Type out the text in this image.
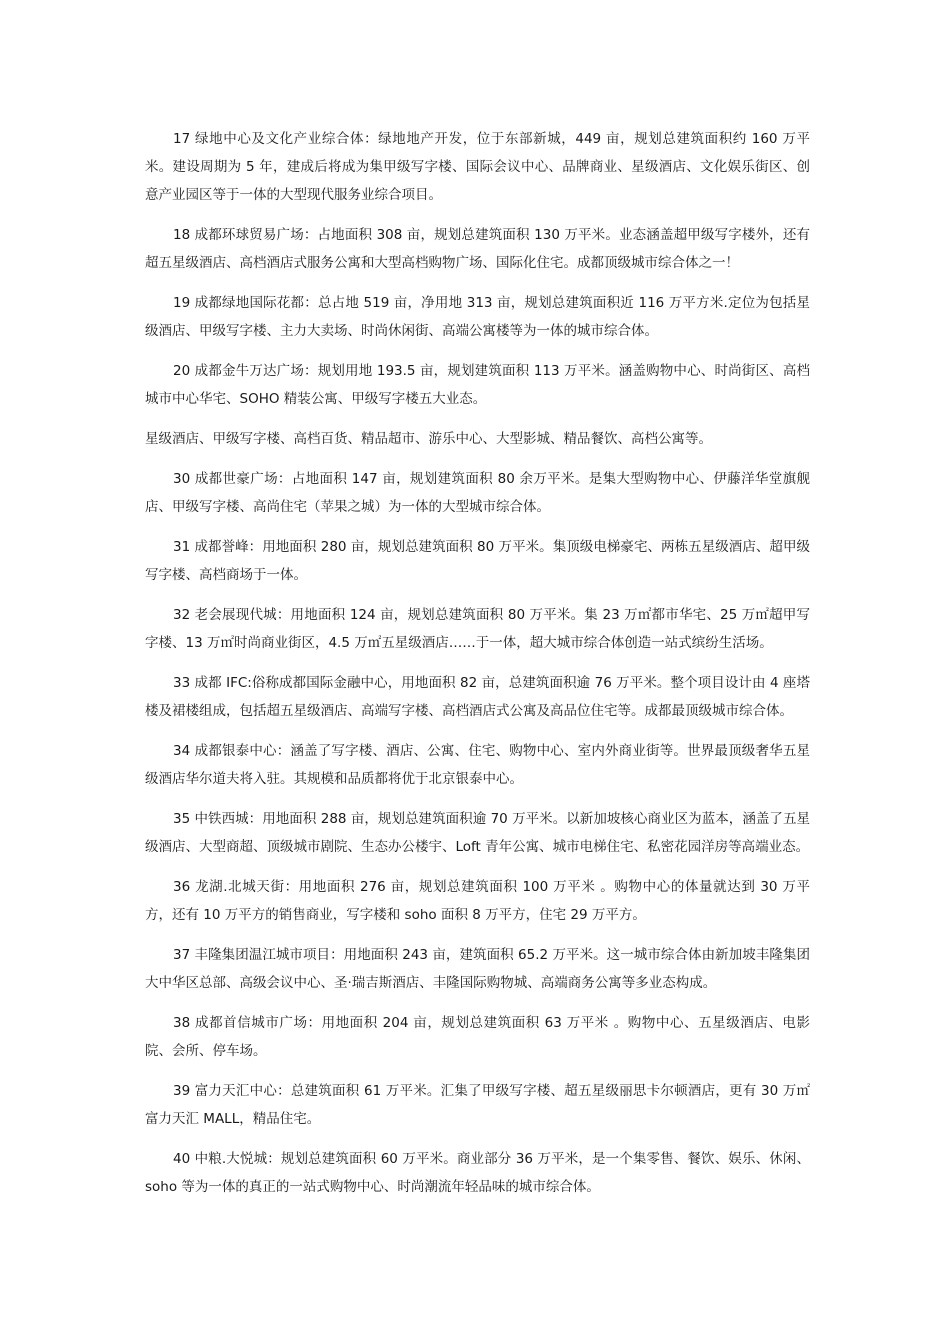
17 绿地中心及文化产业综合体：绿地地产开发，位于东部新城，449 亩，规划总建筑面积约 160 万平米。建设周期为 5 年，建成后将成为集甲级写字楼、国际会议中心、品牌商业、星级酒店、文化娱乐街区、创意产业园区等于一体的大型现代服务业综合项目。

18 成都环球贸易广场：占地面积 308 亩，规划总建筑面积 130 万平米。业态涵盖超甲级写字楼外，还有超五星级酒店、高档酒店式服务公寓和大型高档购物广场、国际化住宅。成都顶级城市综合体之一！

19 成都绿地国际花都：总占地 519 亩，净用地 313 亩，规划总建筑面积近 116 万平方米.定位为包括星级酒店、甲级写字楼、主力大卖场、时尚休闲街、高端公寓楼等为一体的城市综合体。

20 成都金牛万达广场：规划用地 193.5 亩，规划建筑面积 113 万平米。涵盖购物中心、时尚街区、高档城市中心华宅、SOHO 精装公寓、甲级写字楼五大业态。

星级酒店、甲级写字楼、高档百货、精品超市、游乐中心、大型影城、精品餐饮、高档公寓等。

30 成都世豪广场：占地面积 147 亩，规划建筑面积 80 余万平米。是集大型购物中心、伊藤洋华堂旗舰店、甲级写字楼、高尚住宅（苹果之城）为一体的大型城市综合体。

31 成都誉峰：用地面积 280 亩，规划总建筑面积 80 万平米。集顶级电梯豪宅、两栋五星级酒店、超甲级写字楼、高档商场于一体。

32 老会展现代城：用地面积 124 亩，规划总建筑面积 80 万平米。集 23 万㎡都市华宅、25 万㎡超甲写字楼、13 万㎡时尚商业街区，4.5 万㎡五星级酒店……于一体，超大城市综合体创造一站式缤纷生活场。

33 成都 IFC:俗称成都国际金融中心，用地面积 82 亩，总建筑面积逾 76 万平米。整个项目设计由 4 座塔楼及裙楼组成，包括超五星级酒店、高端写字楼、高档酒店式公寓及高品位住宅等。成都最顶级城市综合体。

34 成都银泰中心：涵盖了写字楼、酒店、公寓、住宅、购物中心、室内外商业街等。世界最顶级奢华五星级酒店华尔道夫将入驻。其规模和品质都将优于北京银泰中心。

35 中铁西城：用地面积 288 亩，规划总建筑面积逾 70 万平米。以新加坡核心商业区为蓝本，涵盖了五星级酒店、大型商超、顶级城市剧院、生态办公楼宇、Loft 青年公寓、城市电梯住宅、私密花园洋房等高端业态。

36 龙湖.北城天街：用地面积 276 亩，规划总建筑面积 100 万平米 。购物中心的体量就达到 30 万平方，还有 10 万平方的销售商业，写字楼和 soho 面积 8 万平方，住宅 29 万平方。

37 丰隆集团温江城市项目：用地面积 243 亩，建筑面积 65.2 万平米。这一城市综合体由新加坡丰隆集团大中华区总部、高级会议中心、圣·瑞吉斯酒店、丰隆国际购物城、高端商务公寓等多业态构成。

38 成都首信城市广场：用地面积 204 亩，规划总建筑面积 63 万平米 。购物中心、五星级酒店、电影院、会所、停车场。

39 富力天汇中心：总建筑面积 61 万平米。汇集了甲级写字楼、超五星级丽思卡尔顿酒店，更有 30 万㎡富力天汇 MALL，精品住宅。

40 中粮.大悦城：规划总建筑面积 60 万平米。商业部分 36 万平米，是一个集零售、餐饮、娱乐、休闲、soho 等为一体的真正的一站式购物中心、时尚潮流年轻品味的城市综合体。
